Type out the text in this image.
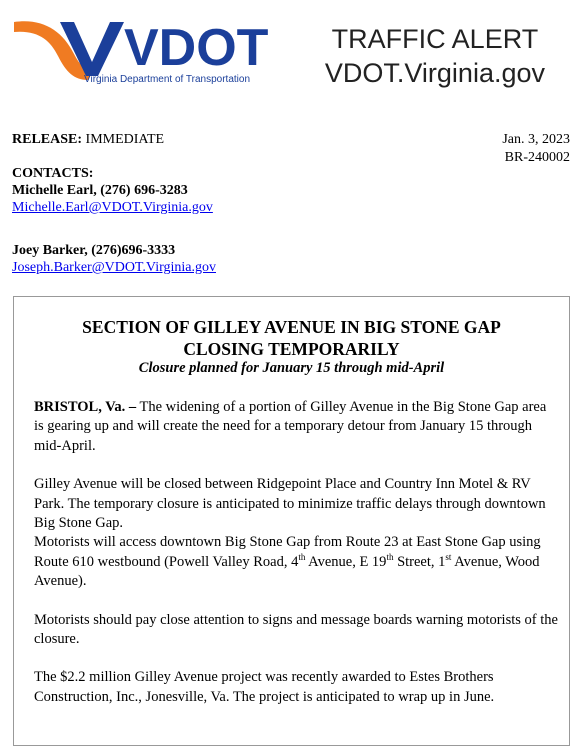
VDOT
Virginia Department of Transportation
TRAFFIC ALERT
VDOT.Virginia.gov
RELEASE: IMMEDIATE
CONTACTS:
Michelle Earl, (276) 696-3283
Michelle.Earl@VDOT.Virginia.gov
Joey Barker, (276)696-3333
Joseph.Barker@VDOT.Virginia.gov
Jan. 3, 2023
BR-240002
SECTION OF GILLEY AVENUE IN BIG STONE GAP
CLOSING TEMPORARILY
Closure planned for January 15 through mid-April

BRISTOL, Va. – The widening of a portion of Gilley Avenue in the Big Stone Gap area is gearing up and will create the need for a temporary detour from January 15 through mid-April.

Gilley Avenue will be closed between Ridgepoint Place and Country Inn Motel & RV Park. The temporary closure is anticipated to minimize traffic delays through downtown Big Stone Gap.

Motorists will access downtown Big Stone Gap from Route 23 at East Stone Gap using Route 610 westbound (Powell Valley Road, 4th Avenue, E 19th Street, 1st Avenue, Wood Avenue).

Motorists should pay close attention to signs and message boards warning motorists of the closure.

The $2.2 million Gilley Avenue project was recently awarded to Estes Brothers Construction, Inc., Jonesville, Va. The project is anticipated to wrap up in June.
